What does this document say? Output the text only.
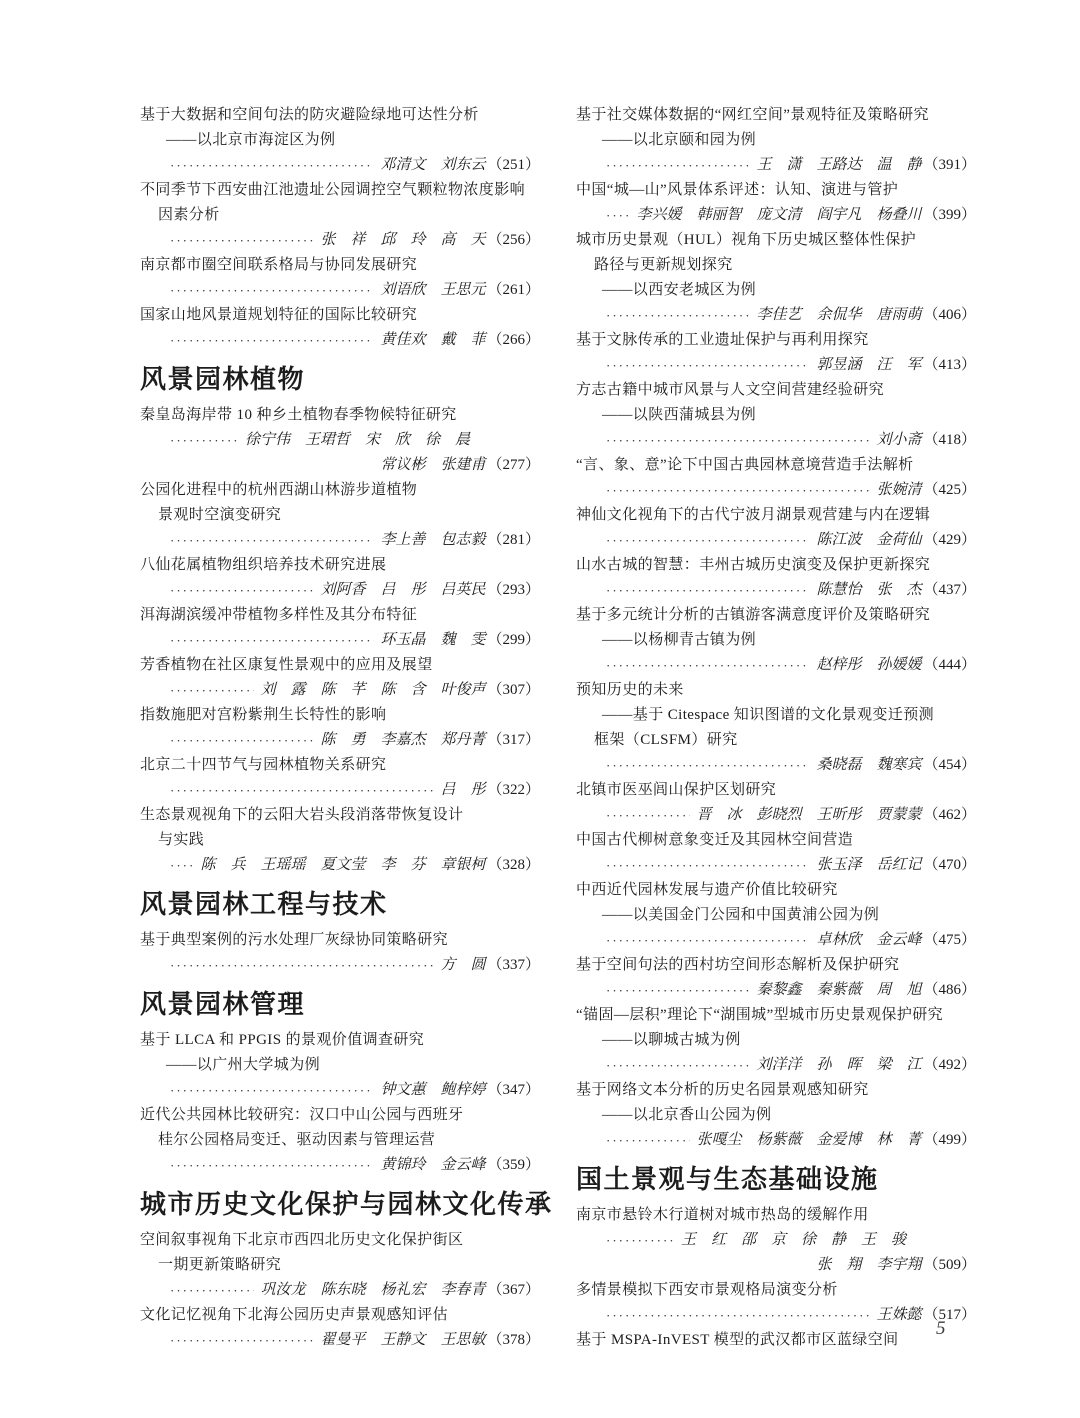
基于大数据和空间句法的防灾避险绿地可达性分析
——以北京市海淀区为例
·····
邓清文　刘东云 （251）
不同季节下西安曲江池遗址公园调控空气颗粒物浓度影响
因素分析
·····
张　祥　邱　玲　高　天 （256）
南京都市圈空间联系格局与协同发展研究
·····
刘语欣　王思元 （261）
国家山地风景道规划特征的国际比较研究
·····
黄佳欢　戴　菲 （266）
风景园林植物
秦皇岛海岸带 10 种乡土植物春季物候特征研究
·····
徐宁伟　王珺哲　宋　欣　徐　晨
常议彬　张建甫 （277）
公园化进程中的杭州西湖山林游步道植物
景观时空演变研究
·····
李上善　包志毅 （281）
八仙花属植物组织培养技术研究进展
·····
刘阿香　吕　彤　吕英民 （293）
洱海湖滨缓冲带植物多样性及其分布特征
·····
环玉晶　魏　雯 （299）
芳香植物在社区康复性景观中的应用及展望
·····
刘　露　陈　芊　陈　含　叶俊声 （307）
指数施肥对宫粉紫荆生长特性的影响
·····
陈　勇　李嘉杰　郑丹菁 （317）
北京二十四节气与园林植物关系研究
·····
吕　彤 （322）
生态景观视角下的云阳大岩头段消落带恢复设计
与实践
·····
陈　兵　王瑶瑶　夏文莹　李　芬　章银柯 （328）
风景园林工程与技术
基于典型案例的污水处理厂灰绿协同策略研究
·····
方　圆 （337）
风景园林管理
基于 LLCA 和 PPGIS 的景观价值调查研究
——以广州大学城为例
·····
钟文蕙　鲍梓婷 （347）
近代公共园林比较研究：汉口中山公园与西班牙
桂尔公园格局变迁、驱动因素与管理运营
·····
黄锦玲　金云峰 （359）
城市历史文化保护与园林文化传承
空间叙事视角下北京市西四北历史文化保护街区
一期更新策略研究
·····
巩汝龙　陈东晓　杨礼宏　李春青 （367）
文化记忆视角下北海公园历史声景观感知评估
·····
翟曼平　王静文　王思敏 （378）
基于社交媒体数据的“网红空间”景观特征及策略研究
——以北京颐和园为例
·····
王　潇　王路达　温　静 （391）
中国“城—山”风景体系评述：认知、演进与管护
·····
李兴媛　韩丽智　庞文清　阎宇凡　杨叠川 （399）
城市历史景观（HUL）视角下历史城区整体性保护
路径与更新规划探究
——以西安老城区为例
·····
李佳艺　余侃华　唐雨萌 （406）
基于文脉传承的工业遗址保护与再利用探究
·····
郭昱涵　汪　军 （413）
方志古籍中城市风景与人文空间营建经验研究
——以陕西蒲城县为例
·····
刘小斋 （418）
“言、象、意”论下中国古典园林意境营造手法解析
·····
张婉清 （425）
神仙文化视角下的古代宁波月湖景观营建与内在逻辑
·····
陈江波　金荷仙 （429）
山水古城的智慧：丰州古城历史演变及保护更新探究
·····
陈慧怡　张　杰 （437）
基于多元统计分析的古镇游客满意度评价及策略研究
——以杨柳青古镇为例
·····
赵梓彤　孙媛媛 （444）
预知历史的未来
——基于 Citespace 知识图谱的文化景观变迁预测
框架（CLSFM）研究
·····
桑晓磊　魏寒宾 （454）
北镇市医巫闾山保护区划研究
·····
晋　冰　彭晓烈　王昕彤　贾蒙蒙 （462）
中国古代柳树意象变迁及其园林空间营造
·····
张玉泽　岳红记 （470）
中西近代园林发展与遗产价值比较研究
——以美国金门公园和中国黄浦公园为例
·····
卓林欣　金云峰 （475）
基于空间句法的西村坊空间形态解析及保护研究
·····
秦黎鑫　秦紫薇　周　旭 （486）
“锚固—层积”理论下“湖围城”型城市历史景观保护研究
——以聊城古城为例
·····
刘洋洋　孙　晖　梁　江 （492）
基于网络文本分析的历史名园景观感知研究
——以北京香山公园为例
·····
张嘎尘　杨紫薇　金爱博　林　菁 （499）
国土景观与生态基础设施
南京市悬铃木行道树对城市热岛的缓解作用
·····
王　红　邵　京　徐　静　王　骏
张　翔　李宇翔 （509）
多情景模拟下西安市景观格局演变分析
·····
王姝懿 （517）
基于 MSPA-InVEST 模型的武汉都市区蓝绿空间
5
